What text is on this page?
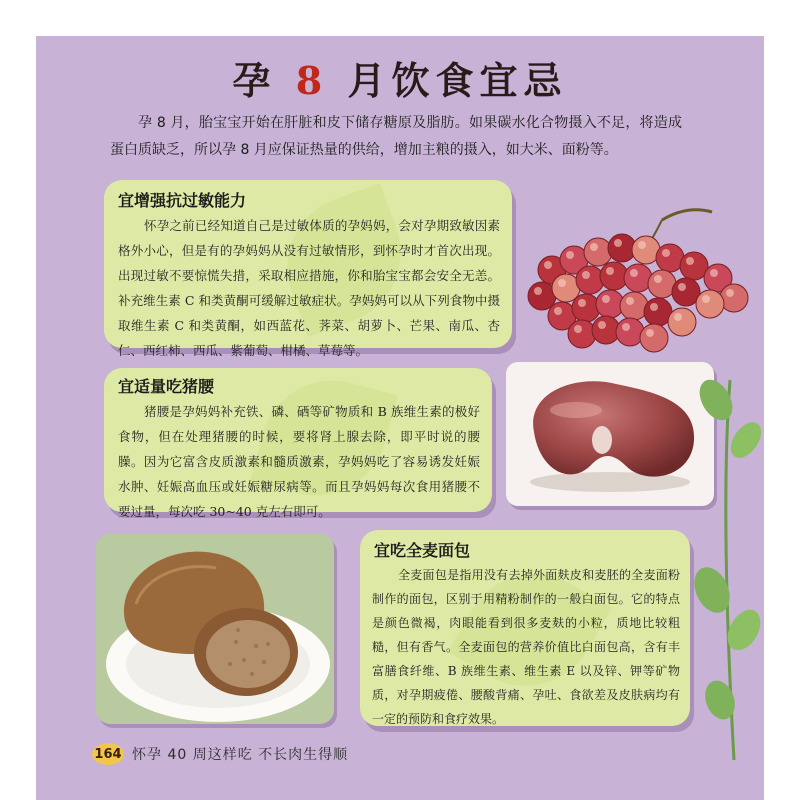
孕 8 月饮食宜忌
孕 8 月，胎宝宝开始在肝脏和皮下储存糖原及脂肪。如果碳水化合物摄入不足，将造成蛋白质缺乏，所以孕 8 月应保证热量的供给，增加主粮的摄入，如大米、面粉等。
宜增强抗过敏能力

怀孕之前已经知道自己是过敏体质的孕妈妈，会对孕期致敏因素格外小心，但是有的孕妈妈从没有过敏情形，到怀孕时才首次出现。出现过敏不要惊慌失措，采取相应措施，你和胎宝宝都会安全无恙。补充维生素 C 和类黄酮可缓解过敏症状。孕妈妈可以从下列食物中摄取维生素 C 和类黄酮，如西蓝花、荠菜、胡萝卜、芒果、南瓜、杏仁、西红柿、西瓜、紫葡萄、柑橘、草莓等。

宜适量吃猪腰

猪腰是孕妈妈补充铁、磷、硒等矿物质和 B 族维生素的极好食物，但在处理猪腰的时候，要将肾上腺去除，即平时说的腰臊。因为它富含皮质激素和髓质激素，孕妈妈吃了容易诱发妊娠水肿、妊娠高血压或妊娠糖尿病等。而且孕妈妈每次食用猪腰不要过量，每次吃 30~40 克左右即可。

宜吃全麦面包

全麦面包是指用没有去掉外面麸皮和麦胚的全麦面粉制作的面包，区别于用精粉制作的一般白面包。它的特点是颜色微褐，肉眼能看到很多麦麸的小粒，质地比较粗糙，但有香气。全麦面包的营养价值比白面包高，含有丰富膳食纤维、B 族维生素、维生素 E 以及锌、钾等矿物质，对孕期疲倦、腰酸背痛、孕吐、食欲差及皮肤病均有一定的预防和食疗效果。

164 怀孕 40 周这样吃 不长肉生得顺
